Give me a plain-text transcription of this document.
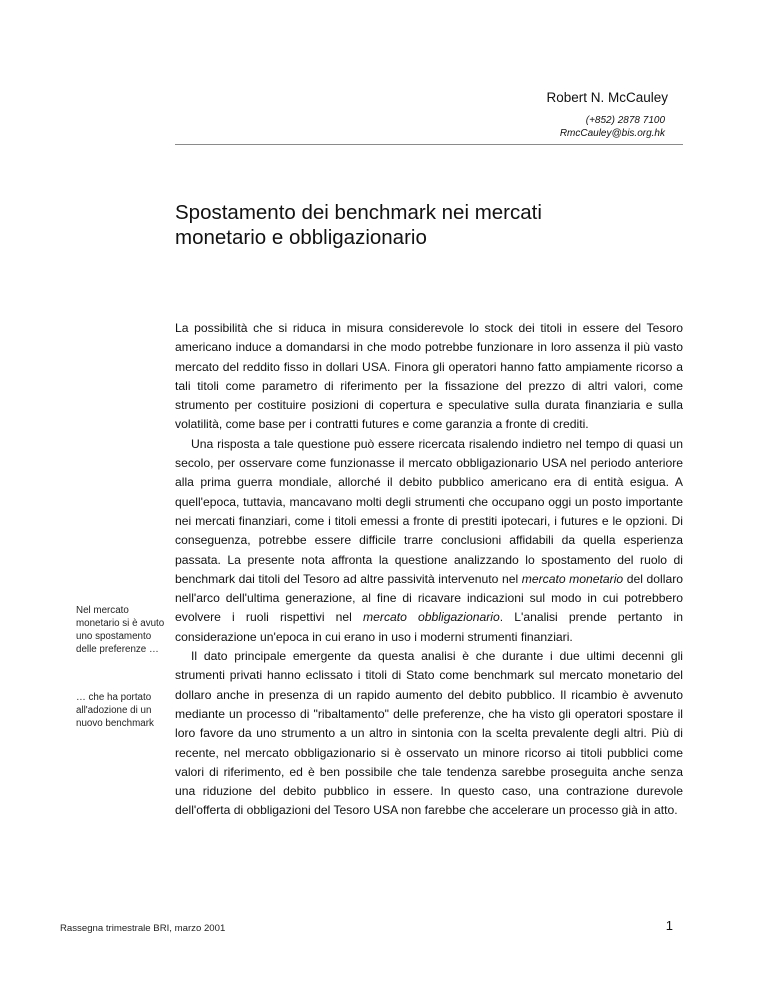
Robert N. McCauley
(+852) 2878 7100
RmcCauley@bis.org.hk
Spostamento dei benchmark nei mercati
monetario e obbligazionario
Nel mercato monetario si è avuto uno spostamento delle preferenze …
… che ha portato all'adozione di un nuovo benchmark

La possibilità che si riduca in misura considerevole lo stock dei titoli in essere del Tesoro americano induce a domandarsi in che modo potrebbe funzionare in loro assenza il più vasto mercato del reddito fisso in dollari USA. Finora gli operatori hanno fatto ampiamente ricorso a tali titoli come parametro di riferimento per la fissazione del prezzo di altri valori, come strumento per costituire posizioni di copertura e speculative sulla durata finanziaria e sulla volatilità, come base per i contratti futures e come garanzia a fronte di crediti.

Una risposta a tale questione può essere ricercata risalendo indietro nel tempo di quasi un secolo, per osservare come funzionasse il mercato obbligazionario USA nel periodo anteriore alla prima guerra mondiale, allorché il debito pubblico americano era di entità esigua. A quell'epoca, tuttavia, mancavano molti degli strumenti che occupano oggi un posto importante nei mercati finanziari, come i titoli emessi a fronte di prestiti ipotecari, i futures e le opzioni. Di conseguenza, potrebbe essere difficile trarre conclusioni affidabili da quella esperienza passata. La presente nota affronta la questione analizzando lo spostamento del ruolo di benchmark dai titoli del Tesoro ad altre passività intervenuto nel mercato monetario del dollaro nell'arco dell'ultima generazione, al fine di ricavare indicazioni sul modo in cui potrebbero evolvere i ruoli rispettivi nel mercato obbligazionario. L'analisi prende pertanto in considerazione un'epoca in cui erano in uso i moderni strumenti finanziari.

Il dato principale emergente da questa analisi è che durante i due ultimi decenni gli strumenti privati hanno eclissato i titoli di Stato come benchmark sul mercato monetario del dollaro anche in presenza di un rapido aumento del debito pubblico. Il ricambio è avvenuto mediante un processo di "ribaltamento" delle preferenze, che ha visto gli operatori spostare il loro favore da uno strumento a un altro in sintonia con la scelta prevalente degli altri. Più di recente, nel mercato obbligazionario si è osservato un minore ricorso ai titoli pubblici come valori di riferimento, ed è ben possibile che tale tendenza sarebbe proseguita anche senza una riduzione del debito pubblico in essere. In questo caso, una contrazione durevole dell'offerta di obbligazioni del Tesoro USA non farebbe che accelerare un processo già in atto.

Rassegna trimestrale BRI, marzo 2001	1
